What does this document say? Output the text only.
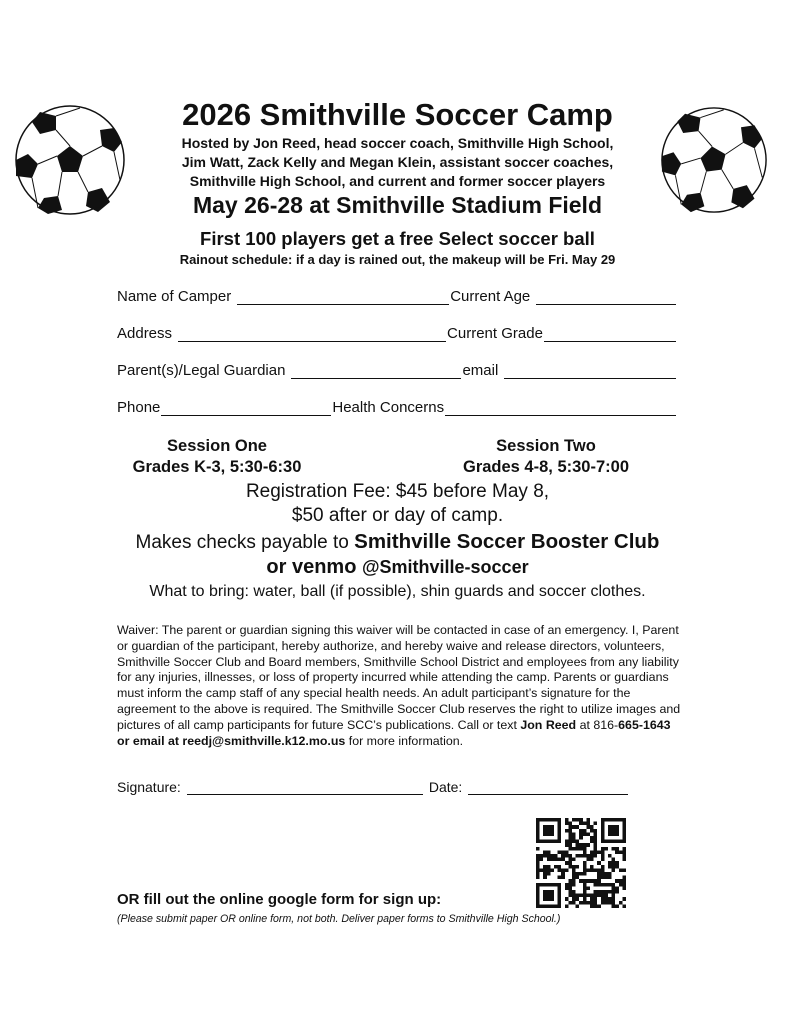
2026 Smithville Soccer Camp
Hosted by Jon Reed, head soccer coach, Smithville High School,
Jim Watt, Zack Kelly and Megan Klein, assistant soccer coaches,
Smithville High School, and current and former soccer players
May 26-28 at Smithville Stadium Field
First 100 players get a free Select soccer ball
Rainout schedule: if a day is rained out, the makeup will be Fri. May 29
Name of Camper	Current Age
Address	Current Grade
Parent(s)/Legal Guardian	email
Phone	Health Concerns
Session One
Grades K-3, 5:30-6:30
Session Two
Grades 4-8, 5:30-7:00
Registration Fee: $45 before May 8,
$50 after or day of camp.
Makes checks payable to Smithville Soccer Booster Club
or venmo @Smithville-soccer
What to bring: water, ball (if possible), shin guards and soccer clothes.
Waiver: The parent or guardian signing this waiver will be contacted in case of an emergency. I, Parent or guardian of the participant, hereby authorize, and hereby waive and release directors, volunteers, Smithville Soccer Club and Board members, Smithville School District and employees from any liability for any injuries, illnesses, or loss of property incurred while attending the camp. Parents or guardians must inform the camp staff of any special health needs. An adult participant’s signature for the agreement to the above is required. The Smithville Soccer Club reserves the right to utilize images and pictures of all camp participants for future SCC’s publications. Call or text Jon Reed at 816-665-1643 or email at reedj@smithville.k12.mo.us for more information.
Signature:	Date:
OR fill out the online google form for sign up:
(Please submit paper OR online form, not both. Deliver paper forms to Smithville High School.)
